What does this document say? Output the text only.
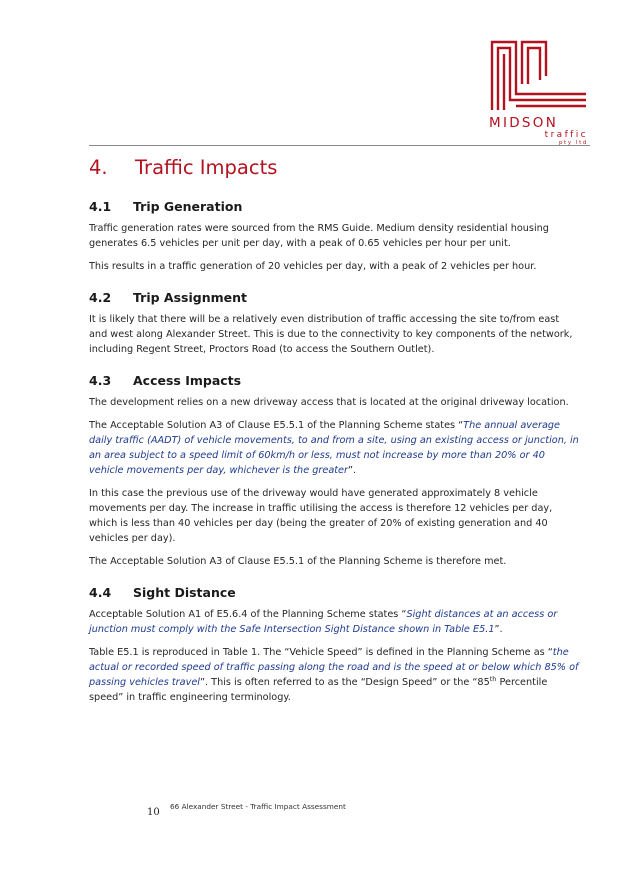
MIDSON
traffic
pty ltd
4.	Traffic Impacts
4.1	Trip Generation

Traffic generation rates were sourced from the RMS Guide. Medium density residential housing generates 6.5 vehicles per unit per day, with a peak of 0.65 vehicles per hour per unit.

This results in a traffic generation of 20 vehicles per day, with a peak of 2 vehicles per hour.

4.2	Trip Assignment

It is likely that there will be a relatively even distribution of traffic accessing the site to/from east and west along Alexander Street. This is due to the connectivity to key components of the network, including Regent Street, Proctors Road (to access the Southern Outlet).

4.3	Access Impacts

The development relies on a new driveway access that is located at the original driveway location.

The Acceptable Solution A3 of Clause E5.5.1 of the Planning Scheme states “The annual average daily traffic (AADT) of vehicle movements, to and from a site, using an existing access or junction, in an area subject to a speed limit of 60km/h or less, must not increase by more than 20% or 40 vehicle movements per day, whichever is the greater”.

In this case the previous use of the driveway would have generated approximately 8 vehicle movements per day. The increase in traffic utilising the access is therefore 12 vehicles per day, which is less than 40 vehicles per day (being the greater of 20% of existing generation and 40 vehicles per day).

The Acceptable Solution A3 of Clause E5.5.1 of the Planning Scheme is therefore met.

4.4	Sight Distance

Acceptable Solution A1 of E5.6.4 of the Planning Scheme states “Sight distances at an access or junction must comply with the Safe Intersection Sight Distance shown in Table E5.1”.

Table E5.1 is reproduced in Table 1. The “Vehicle Speed” is defined in the Planning Scheme as “the actual or recorded speed of traffic passing along the road and is the speed at or below which 85% of passing vehicles travel”. This is often referred to as the “Design Speed” or the “85th Percentile speed” in traffic engineering terminology.

10
66 Alexander Street - Traffic Impact Assessment
